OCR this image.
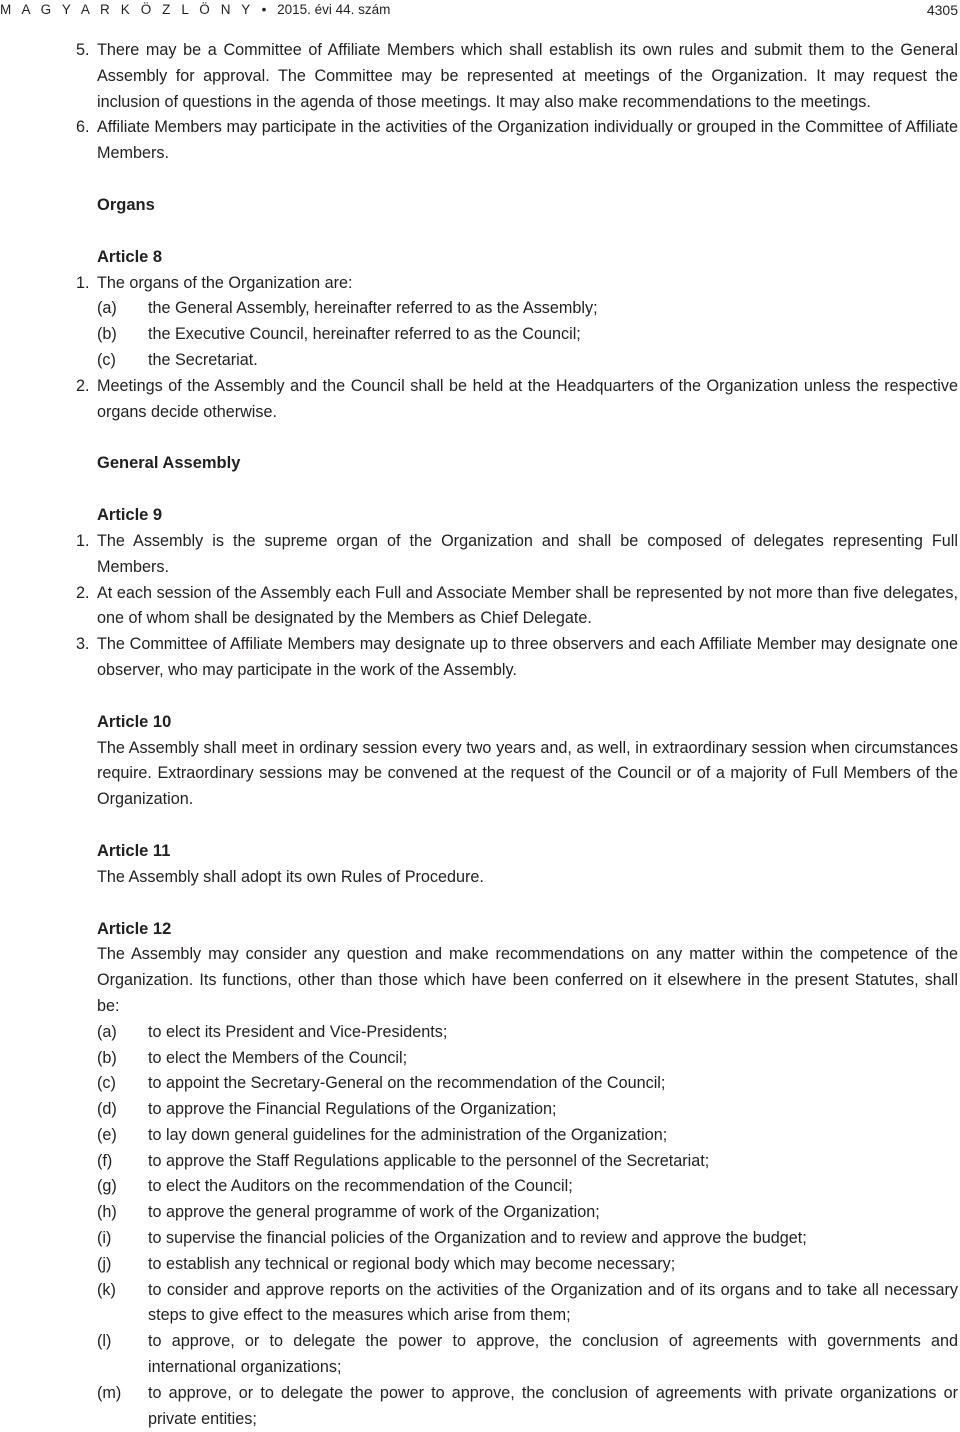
M A G Y A R K Ö Z L Ö N Y • 2015. évi 44. szám	4305
5. There may be a Committee of Affiliate Members which shall establish its own rules and submit them to the General Assembly for approval. The Committee may be represented at meetings of the Organization. It may request the inclusion of questions in the agenda of those meetings. It may also make recommendations to the meetings.
6. Affiliate Members may participate in the activities of the Organization individually or grouped in the Committee of Affiliate Members.
Organs
Article 8
1. The organs of the Organization are:
(a) the General Assembly, hereinafter referred to as the Assembly;
(b) the Executive Council, hereinafter referred to as the Council;
(c) the Secretariat.
2. Meetings of the Assembly and the Council shall be held at the Headquarters of the Organization unless the respective organs decide otherwise.
General Assembly
Article 9
1. The Assembly is the supreme organ of the Organization and shall be composed of delegates representing Full Members.
2. At each session of the Assembly each Full and Associate Member shall be represented by not more than five delegates, one of whom shall be designated by the Members as Chief Delegate.
3. The Committee of Affiliate Members may designate up to three observers and each Affiliate Member may designate one observer, who may participate in the work of the Assembly.
Article 10
The Assembly shall meet in ordinary session every two years and, as well, in extraordinary session when circumstances require. Extraordinary sessions may be convened at the request of the Council or of a majority of Full Members of the Organization.
Article 11
The Assembly shall adopt its own Rules of Procedure.
Article 12
The Assembly may consider any question and make recommendations on any matter within the competence of the Organization. Its functions, other than those which have been conferred on it elsewhere in the present Statutes, shall be:
(a) to elect its President and Vice-Presidents;
(b) to elect the Members of the Council;
(c) to appoint the Secretary-General on the recommendation of the Council;
(d) to approve the Financial Regulations of the Organization;
(e) to lay down general guidelines for the administration of the Organization;
(f) to approve the Staff Regulations applicable to the personnel of the Secretariat;
(g) to elect the Auditors on the recommendation of the Council;
(h) to approve the general programme of work of the Organization;
(i) to supervise the financial policies of the Organization and to review and approve the budget;
(j) to establish any technical or regional body which may become necessary;
(k) to consider and approve reports on the activities of the Organization and of its organs and to take all necessary steps to give effect to the measures which arise from them;
(l) to approve, or to delegate the power to approve, the conclusion of agreements with governments and international organizations;
(m) to approve, or to delegate the power to approve, the conclusion of agreements with private organizations or private entities;
